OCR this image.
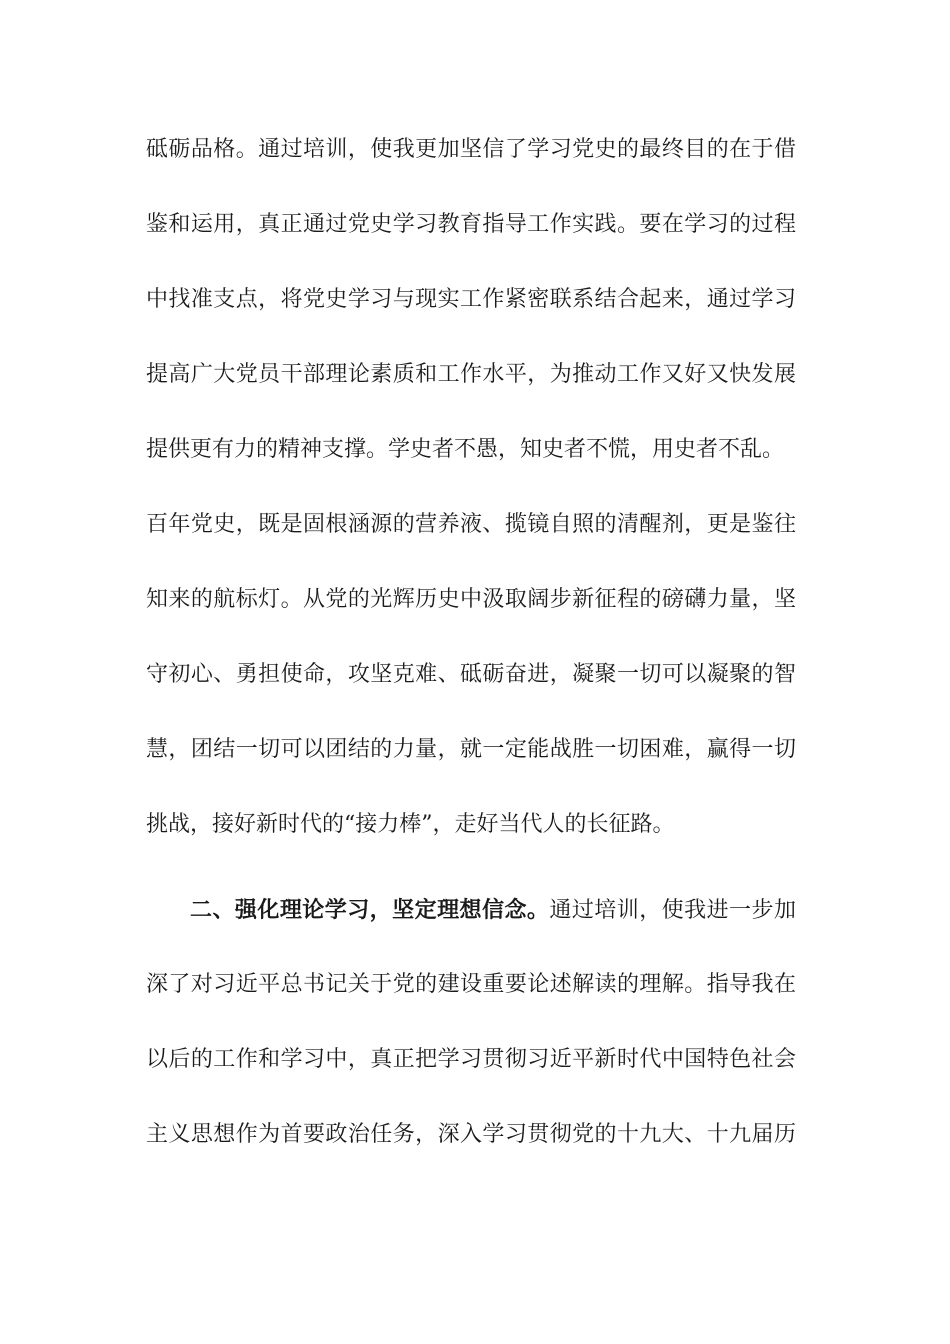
砥砺品格。通过培训，使我更加坚信了学习党史的最终目的在于借
鉴和运用，真正通过党史学习教育指导工作实践。要在学习的过程
中找准支点，将党史学习与现实工作紧密联系结合起来，通过学习
提高广大党员干部理论素质和工作水平，为推动工作又好又快发展
提供更有力的精神支撑。学史者不愚，知史者不慌，用史者不乱。
百年党史，既是固根涵源的营养液、揽镜自照的清醒剂，更是鉴往
知来的航标灯。从党的光辉历史中汲取阔步新征程的磅礴力量，坚
守初心、勇担使命，攻坚克难、砥砺奋进，凝聚一切可以凝聚的智
慧，团结一切可以团结的力量，就一定能战胜一切困难，赢得一切
挑战，接好新时代的“接力棒”，走好当代人的长征路。
二、强化理论学习，坚定理想信念。通过培训，使我进一步加
深了对习近平总书记关于党的建设重要论述解读的理解。指导我在
以后的工作和学习中，真正把学习贯彻习近平新时代中国特色社会
主义思想作为首要政治任务，深入学习贯彻党的十九大、十九届历
